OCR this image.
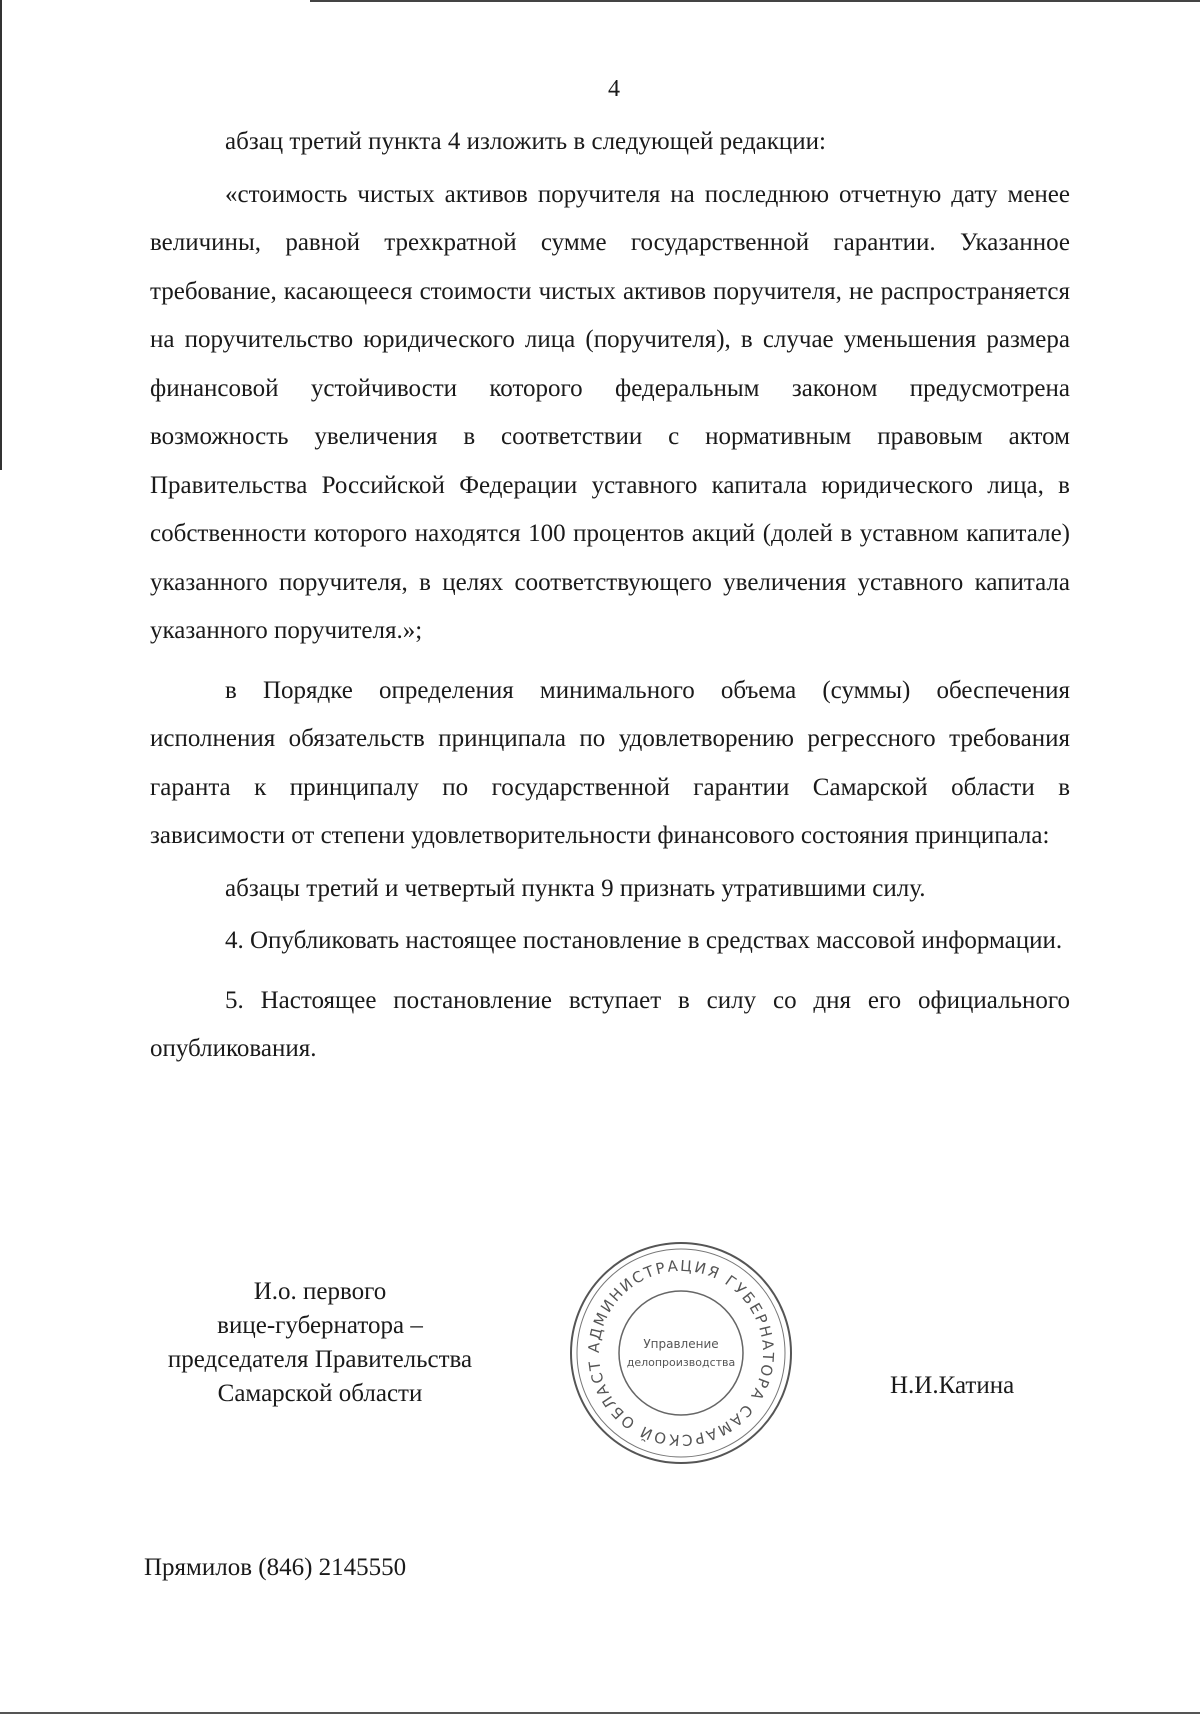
4

абзац третий пункта 4 изложить в следующей редакции:

«стоимость чистых активов поручителя на последнюю отчетную дату менее величины, равной трехкратной сумме государственной гарантии. Указанное требование, касающееся стоимости чистых активов поручителя, не распространяется на поручительство юридического лица (поручителя), в случае уменьшения размера финансовой устойчивости которого федеральным законом предусмотрена возможность увеличения в соответствии с нормативным правовым актом Правительства Российской Федерации уставного капитала юридического лица, в собственности которого находятся 100 процентов акций (долей в уставном капитале) указанного поручителя, в целях соответствующего увеличения уставного капитала указанного поручителя.»;

в Порядке определения минимального объема (суммы) обеспечения исполнения обязательств принципала по удовлетворению регрессного требования гаранта к принципалу по государственной гарантии Самарской области в зависимости от степени удовлетворительности финансового состояния принципала:

абзацы третий и четвертый пункта 9 признать утратившими силу.

4. Опубликовать настоящее постановление в средствах массовой информации.

5. Настоящее постановление вступает в силу со дня его официального опубликования.

И.о. первого
вице-губернатора –
председателя Правительства
Самарской области
АДМИНИСТРАЦИЯ ГУБЕРНАТОРА САМАРСКОЙ ОБЛАСТ
Управление
делопроизводства
Н.И.Катина
Прямилов (846) 2145550
